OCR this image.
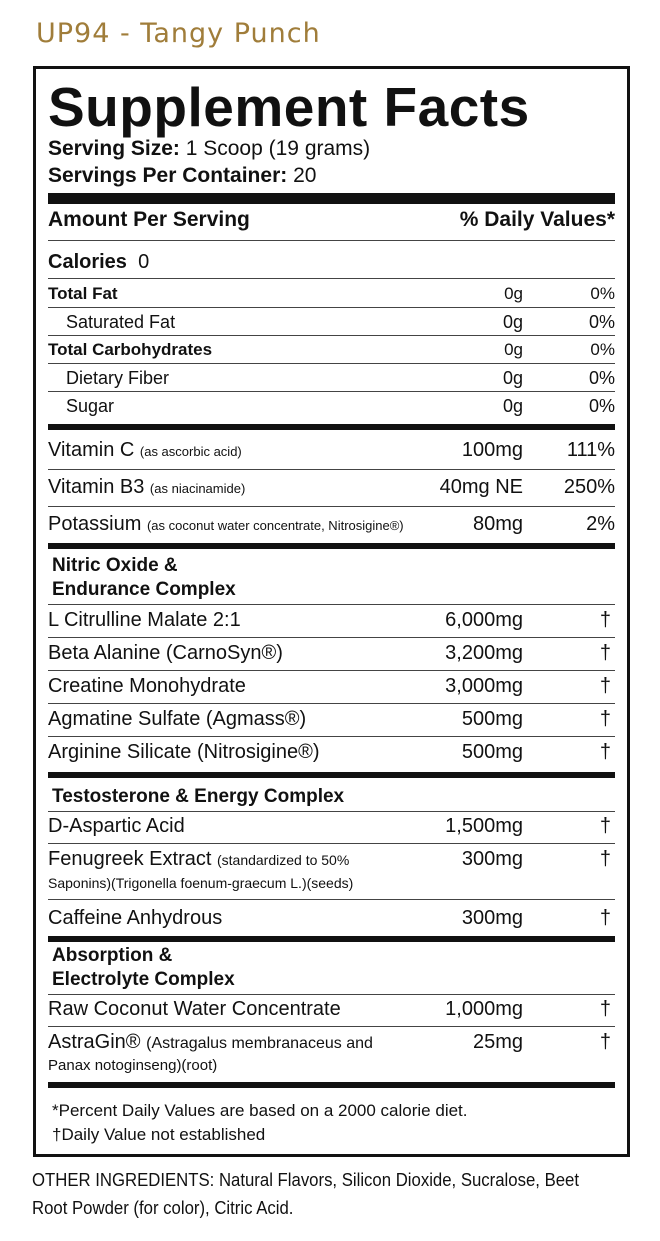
UP94 - Tangy Punch
Supplement Facts
Serving Size: 1 Scoop (19 grams)
Servings Per Container: 20
Amount Per Serving	% Daily Values*
Calories 0
Total Fat	0g	0%
Saturated Fat	0g	0%
Total Carbohydrates	0g	0%
Dietary Fiber	0g	0%
Sugar	0g	0%
Vitamin C (as ascorbic acid)	100mg 111%
Vitamin B3 (as niacinamide)	40mg NE 250%
Potassium (as coconut water concentrate, Nitrosigine®)	80mg	2%
Nitric Oxide &
Endurance Complex
L Citrulline Malate 2:1	6,000mg	†
Beta Alanine (CarnoSyn®)	3,200mg	†
Creatine Monohydrate	3,000mg	†
Agmatine Sulfate (Agmass®)	500mg	†
Arginine Silicate (Nitrosigine®)	500mg	†
Testosterone & Energy Complex
D-Aspartic Acid	1,500mg	†
Fenugreek Extract (standardized to 50%
Saponins)(Trigonella foenum-graecum L.)(seeds)
300mg	†
Caffeine Anhydrous	300mg	†
Absorption &
Electrolyte Complex
Raw Coconut Water Concentrate	1,000mg	†
AstraGin® (Astragalus membranaceus and
Panax notoginseng)(root)
25mg	†
*Percent Daily Values are based on a 2000 calorie diet.
†Daily Value not established
OTHER INGREDIENTS: Natural Flavors, Silicon Dioxide, Sucralose, Beet Root Powder (for color), Citric Acid.
